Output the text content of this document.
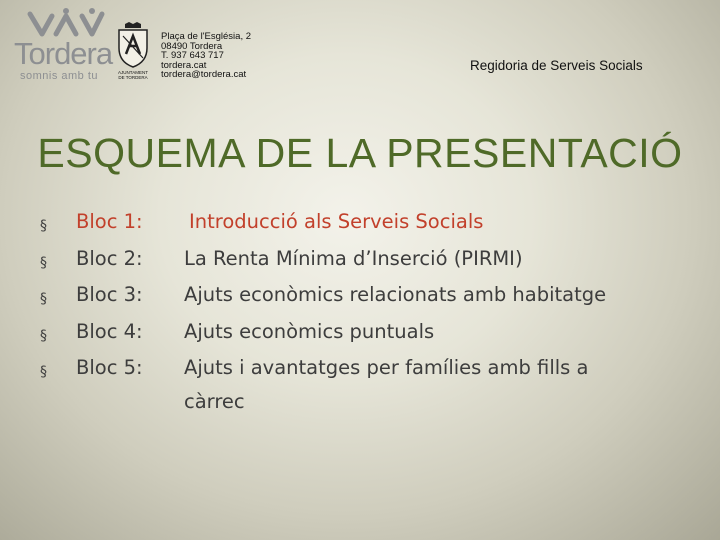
Tordera
somnis amb tu	AJUNTAMENT
DE TORDERA
Plaça de l'Església, 2
08490 Tordera
T. 937 643 717
tordera.cat
tordera@tordera.cat
Regidoria de Serveis Socials
ESQUEMA DE LA PRESENTACIÓ
§	Bloc 1: Introducció als Serveis Socials
§	Bloc 2: La Renta Mínima d’Inserció (PIRMI)
§	Bloc 3: Ajuts econòmics relacionats amb habitatge
§	Bloc 4: Ajuts econòmics puntuals
§	Bloc 5: Ajuts i avantatges per famílies amb fills a
càrrec
